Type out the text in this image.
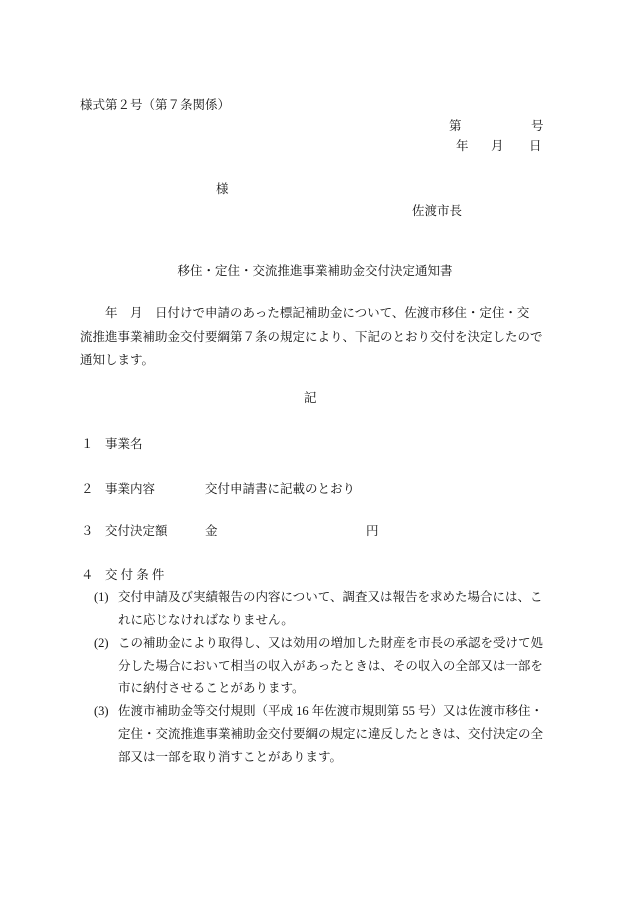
様式第２号（第７条関係）
第	号
年 月 日
様
佐渡市長
移住・定住・交流推進事業補助金交付決定通知書
　　年　月　日付けで申請のあった標記補助金について、佐渡市移住・定住・交
流推進事業補助金交付要綱第７条の規定により、下記のとおり交付を決定したので
通知します。
記
１ 事業名
２ 事業内容	交付申請書に記載のとおり
３ 交付決定額	金	円
４ 交 付 条 件
(1) 交付申請及び実績報告の内容について、調査又は報告を求めた場合には、こ
れに応じなければなりません。
(2) この補助金により取得し、又は効用の増加した財産を市長の承認を受けて処
分した場合において相当の収入があったときは、その収入の全部又は一部を
市に納付させることがあります。
(3) 佐渡市補助金等交付規則（平成 16 年佐渡市規則第 55 号）又は佐渡市移住・
定住・交流推進事業補助金交付要綱の規定に違反したときは、交付決定の全
部又は一部を取り消すことがあります。
